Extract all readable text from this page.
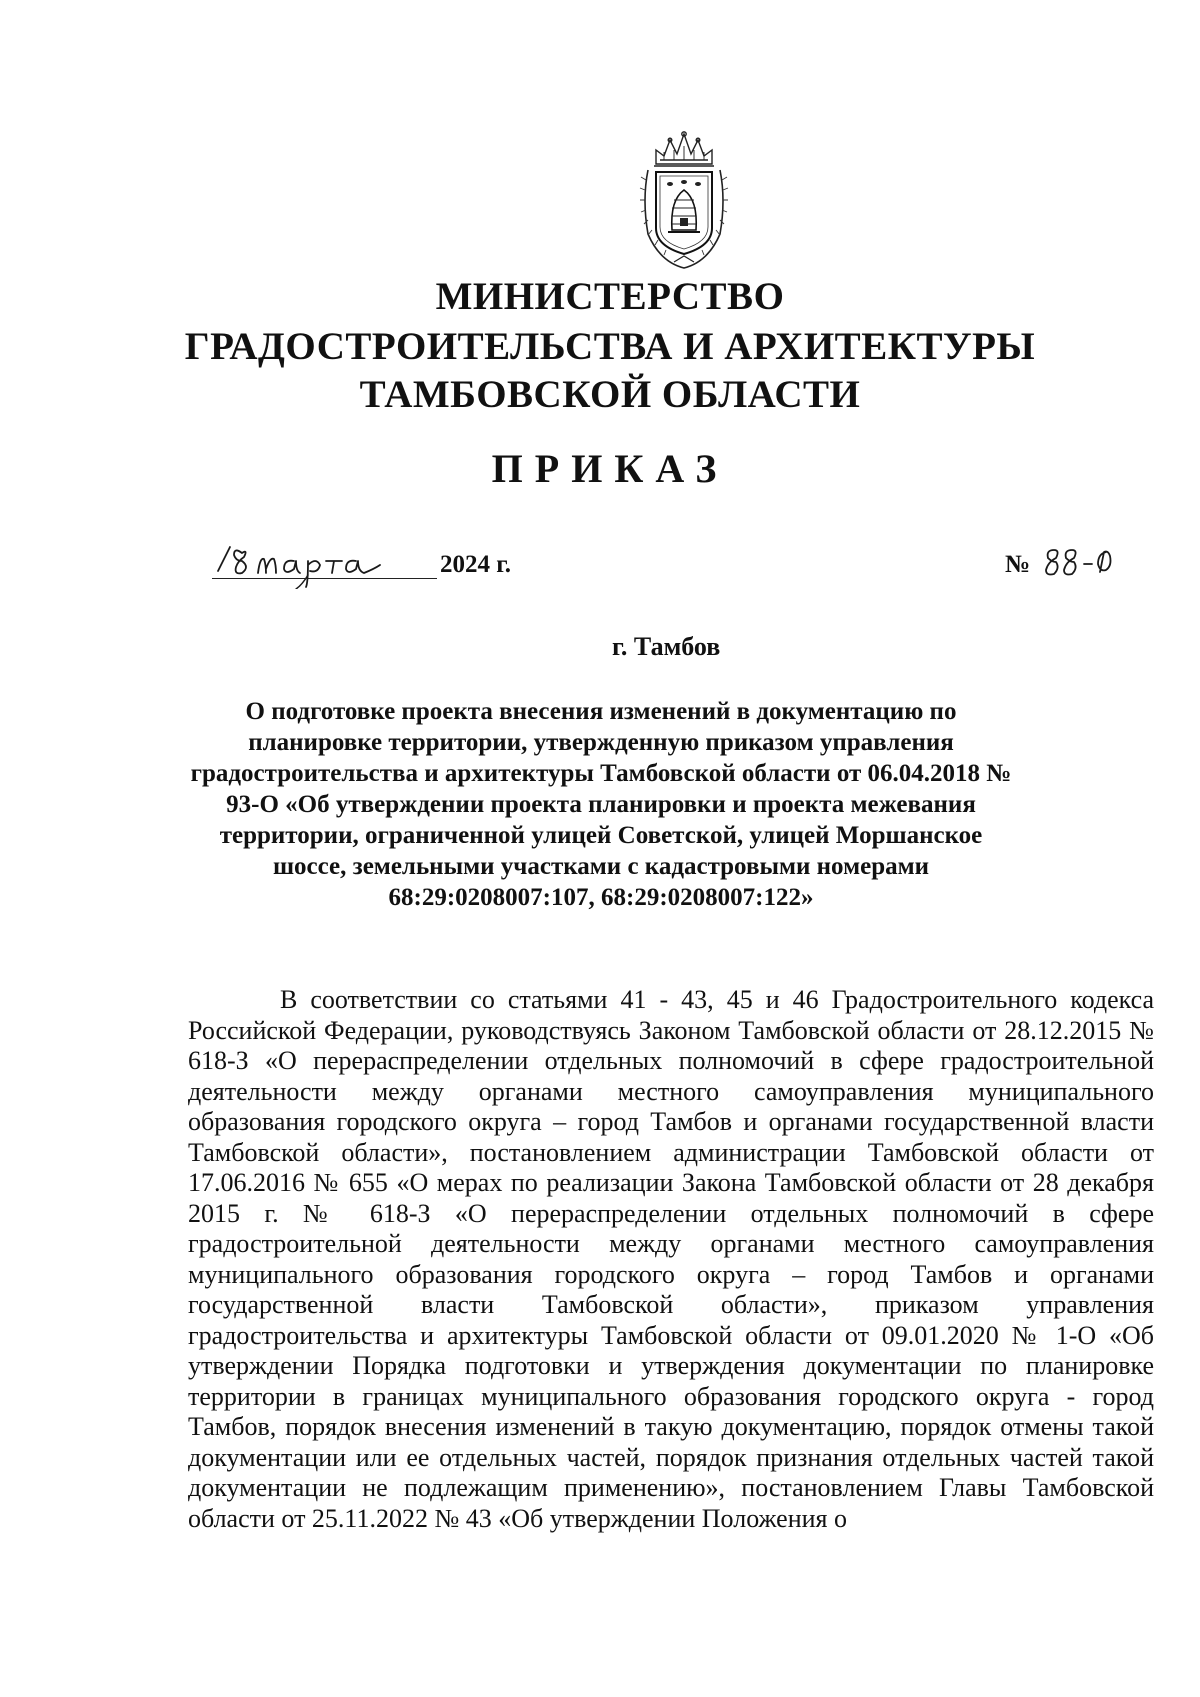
МИНИСТЕРСТВО
ГРАДОСТРОИТЕЛЬСТВА И АРХИТЕКТУРЫ
ТАМБОВСКОЙ ОБЛАСТИ
ПРИКАЗ
2024 г.	№
г. Тамбов
О подготовке проекта внесения изменений в документацию по планировке территории, утвержденную приказом управления градостроительства и архитектуры Тамбовской области от 06.04.2018 № 93-О «Об утверждении проекта планировки и проекта межевания территории, ограниченной улицей Советской, улицей Моршанское шоссе, земельными участками с кадастровыми номерами 68:29:0208007:107, 68:29:0208007:122»
В соответствии со статьями 41 - 43, 45 и 46 Градостроительного кодекса Российской Федерации, руководствуясь Законом Тамбовской области от 28.12.2015 № 618-З «О перераспределении отдельных полномочий в сфере градостроительной деятельности между органами местного самоуправления муниципального образования городского округа – город Тамбов и органами государственной власти Тамбовской области», постановлением администрации Тамбовской области от 17.06.2016 № 655 «О мерах по реализации Закона Тамбовской области от 28 декабря 2015 г. № 618-З «О перераспределении отдельных полномочий в сфере градостроительной деятельности между органами местного самоуправления муниципального образования городского округа – город Тамбов и органами государственной власти Тамбовской области», приказом управления градостроительства и архитектуры Тамбовской области от 09.01.2020 № 1-О «Об утверждении Порядка подготовки и утверждения документации по планировке территории в границах муниципального образования городского округа - город Тамбов, порядок внесения изменений в такую документацию, порядок отмены такой документации или ее отдельных частей, порядок признания отдельных частей такой документации не подлежащим применению», постановлением Главы Тамбовской области от 25.11.2022 № 43 «Об утверждении Положения о
